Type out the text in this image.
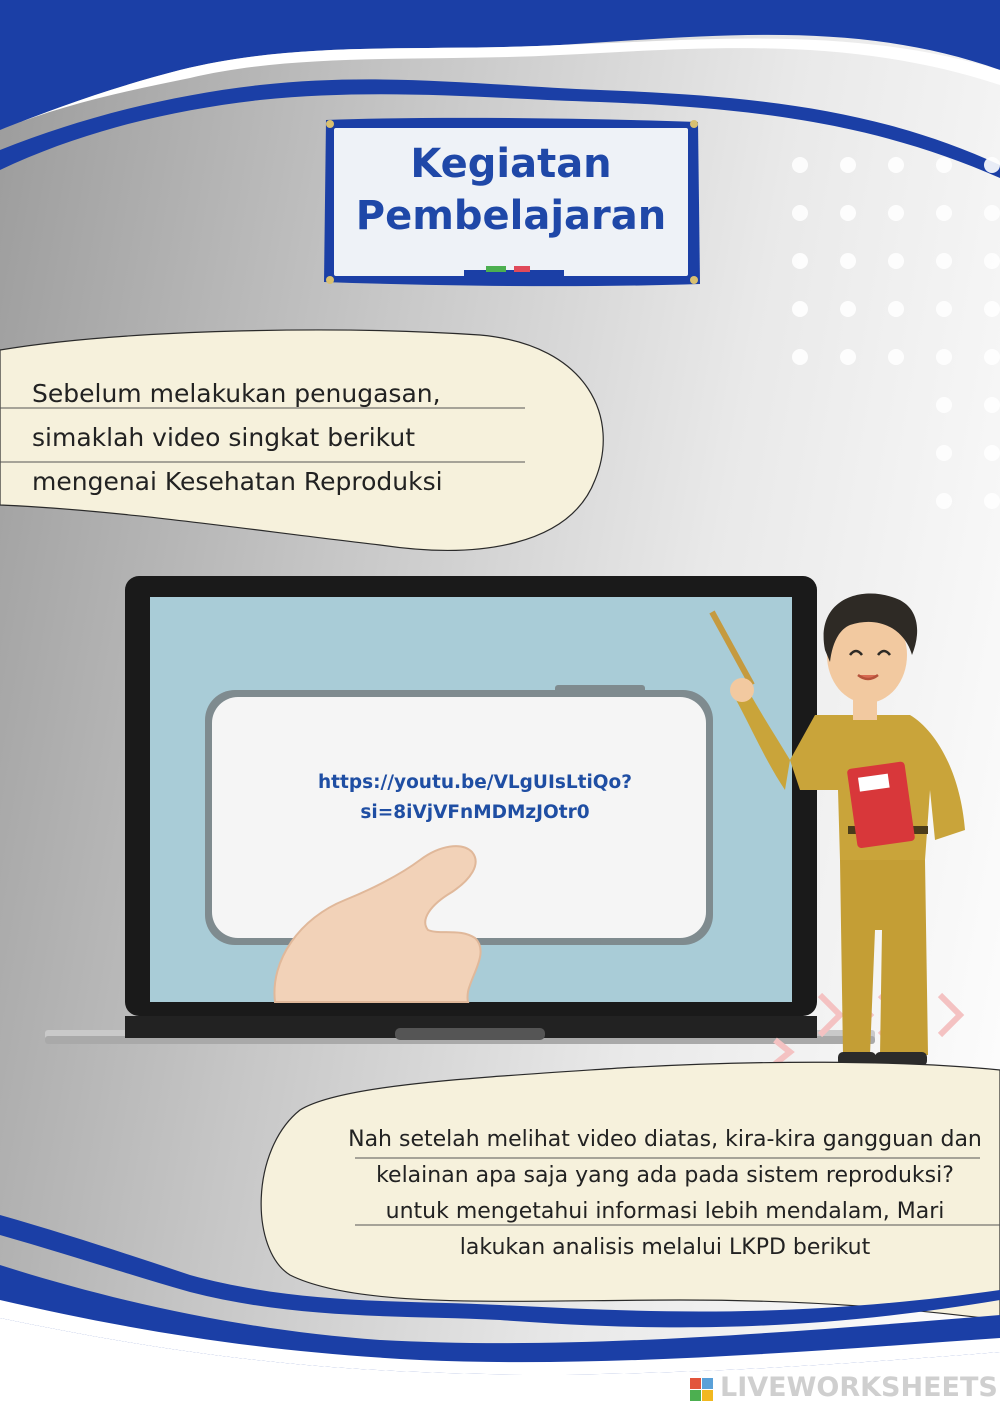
Kegiatan
Pembelajaran
Sebelum melakukan penugasan,
simaklah video singkat berikut
mengenai Kesehatan Reproduksi
https://youtu.be/VLgUIsLtiQo?
si=8iVjVFnMDMzJOtr0
Nah setelah melihat video diatas, kira-kira gangguan dan
kelainan apa saja yang ada pada sistem reproduksi?
untuk mengetahui informasi lebih mendalam, Mari
lakukan analisis melalui LKPD berikut
LIVEWORKSHEETS
